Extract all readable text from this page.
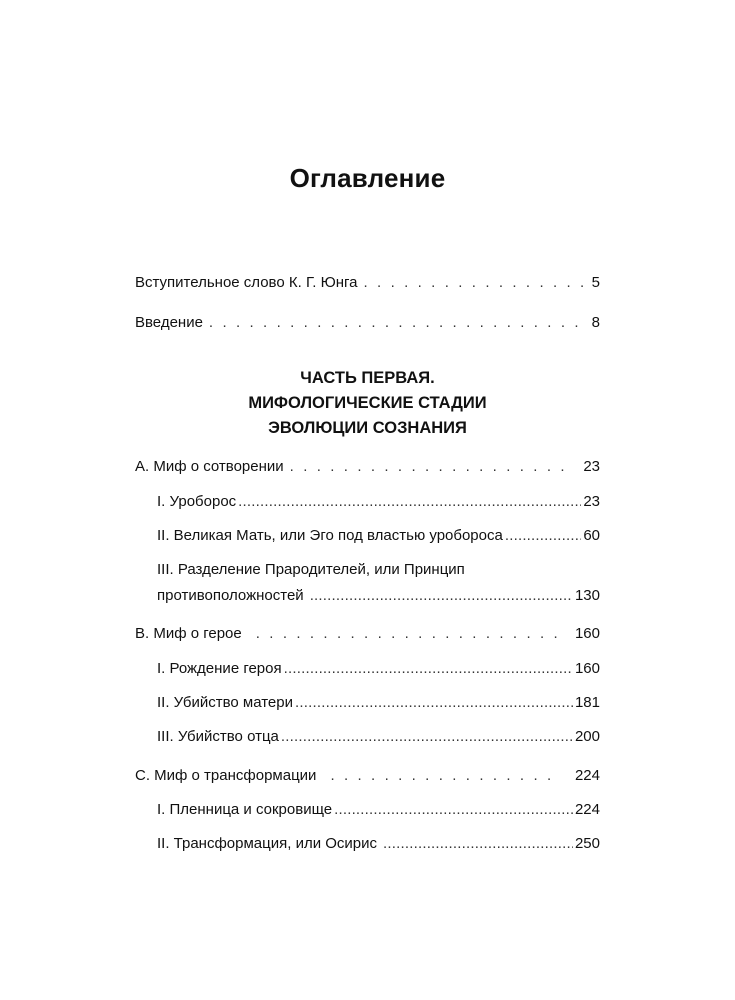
Оглавление
Вступительное слово К. Г. Юнга . . .	5
Введение . . .	8
ЧАСТЬ ПЕРВАЯ.
МИФОЛОГИЧЕСКИЕ СТАДИИ
ЭВОЛЮЦИИ СОЗНАНИЯ
A. Миф о сотворении . . .	23
I. Уроборос .....	23
II. Великая Мать, или Эго под властью уробороса .....	60
III. Разделение Прародителей, или Принцип
противоположностей .....	130
B. Миф о герое . . .	160
I. Рождение героя .....	160
II. Убийство матери .....	181
III. Убийство отца .....	200
C. Миф о трансформации . . .	224
I. Пленница и сокровище .....	224
II. Трансформация, или Осирис .....	250
